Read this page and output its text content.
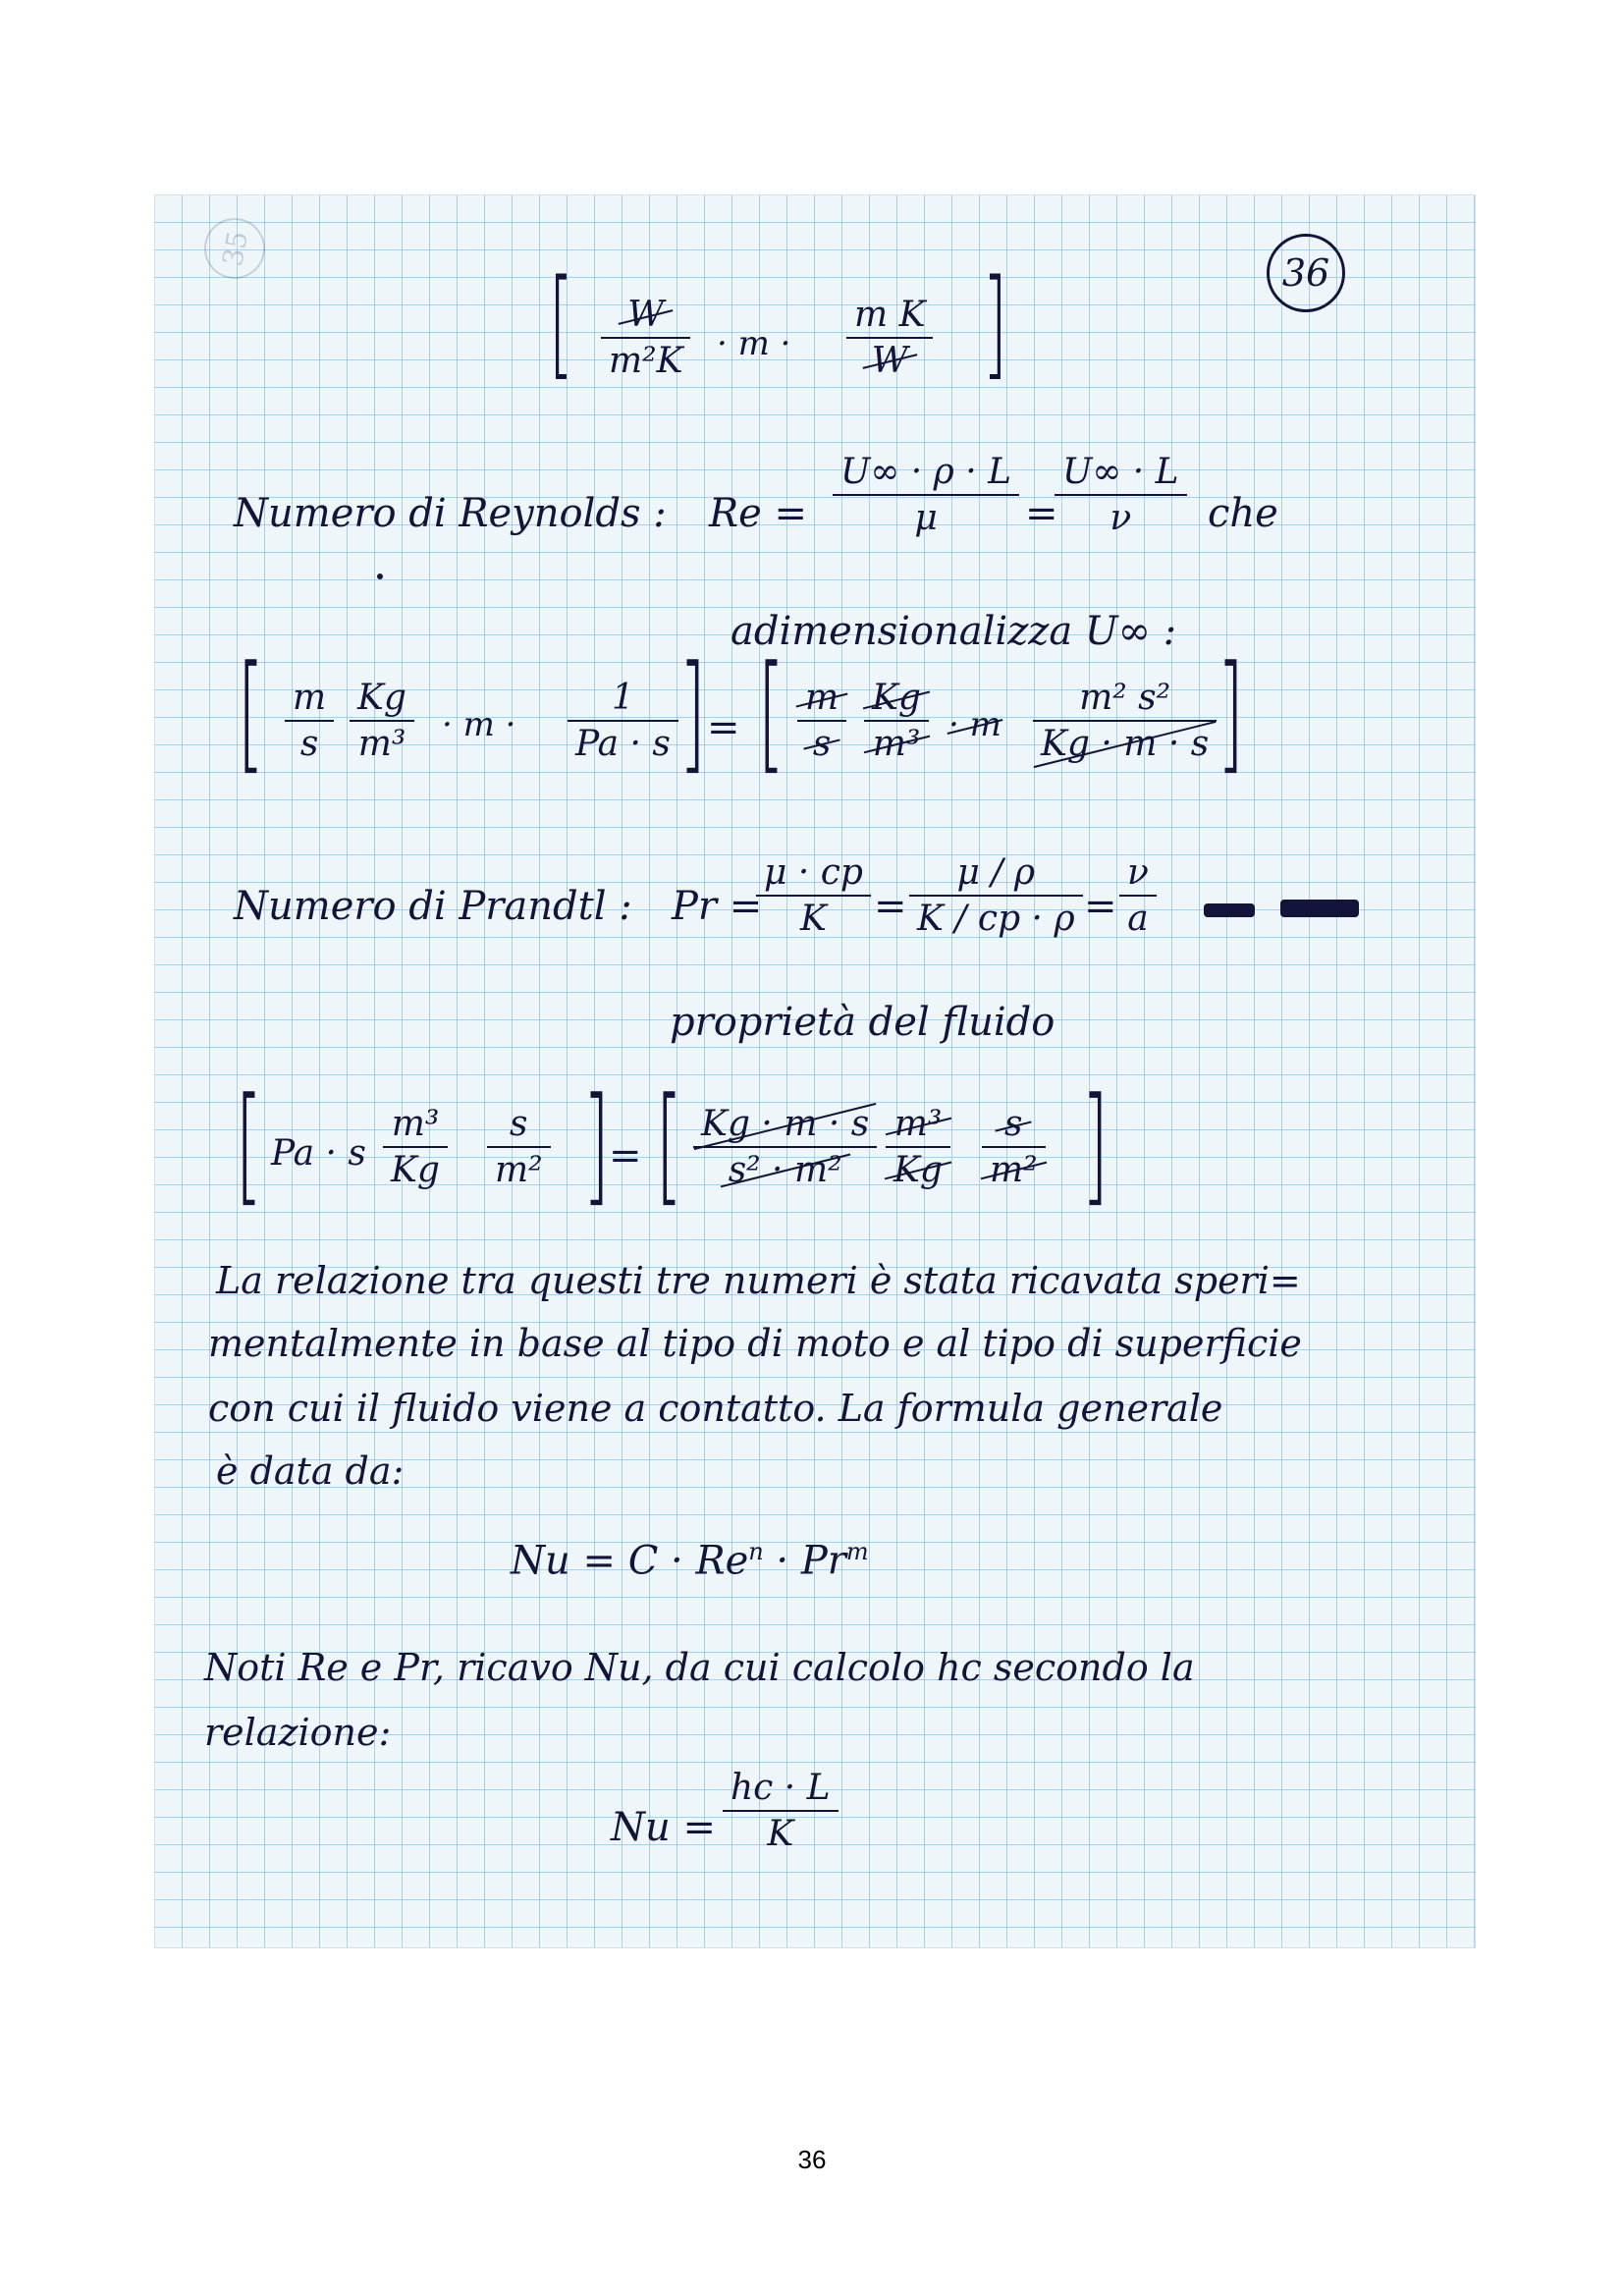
35
36
[ W
m²K · m ·
m K
W ]
Numero di Reynolds : Re =
U∞ · ρ · L
μ =
U∞ · L
ν che
adimensionalizza U∞ :
[ m
s
Kg
m³ · m ·
1
Pa · s ] = [ m
s
Kg
m³ · m
m² s²
Kg · m · s ]
Numero di Prandtl : Pr =
μ · cp
K =
μ / ρ
K / cp · ρ =
ν
a
proprietà del fluido
[ Pa · s
m³
Kg
s
m² ]
= [ Kg · m · s
s² · m²
m³
Kg
s
m² ]
La relazione tra questi tre numeri è stata ricavata speri=
mentalmente in base al tipo di moto e al tipo di superficie
con cui il fluido viene a contatto. La formula generale
è data da:
$Nu = C \cdot Re^n \cdot Pr^m$
Noti Re e Pr, ricavo Nu, da cui calcolo hc secondo la
relazione:
Nu =
hc · L
K
36
